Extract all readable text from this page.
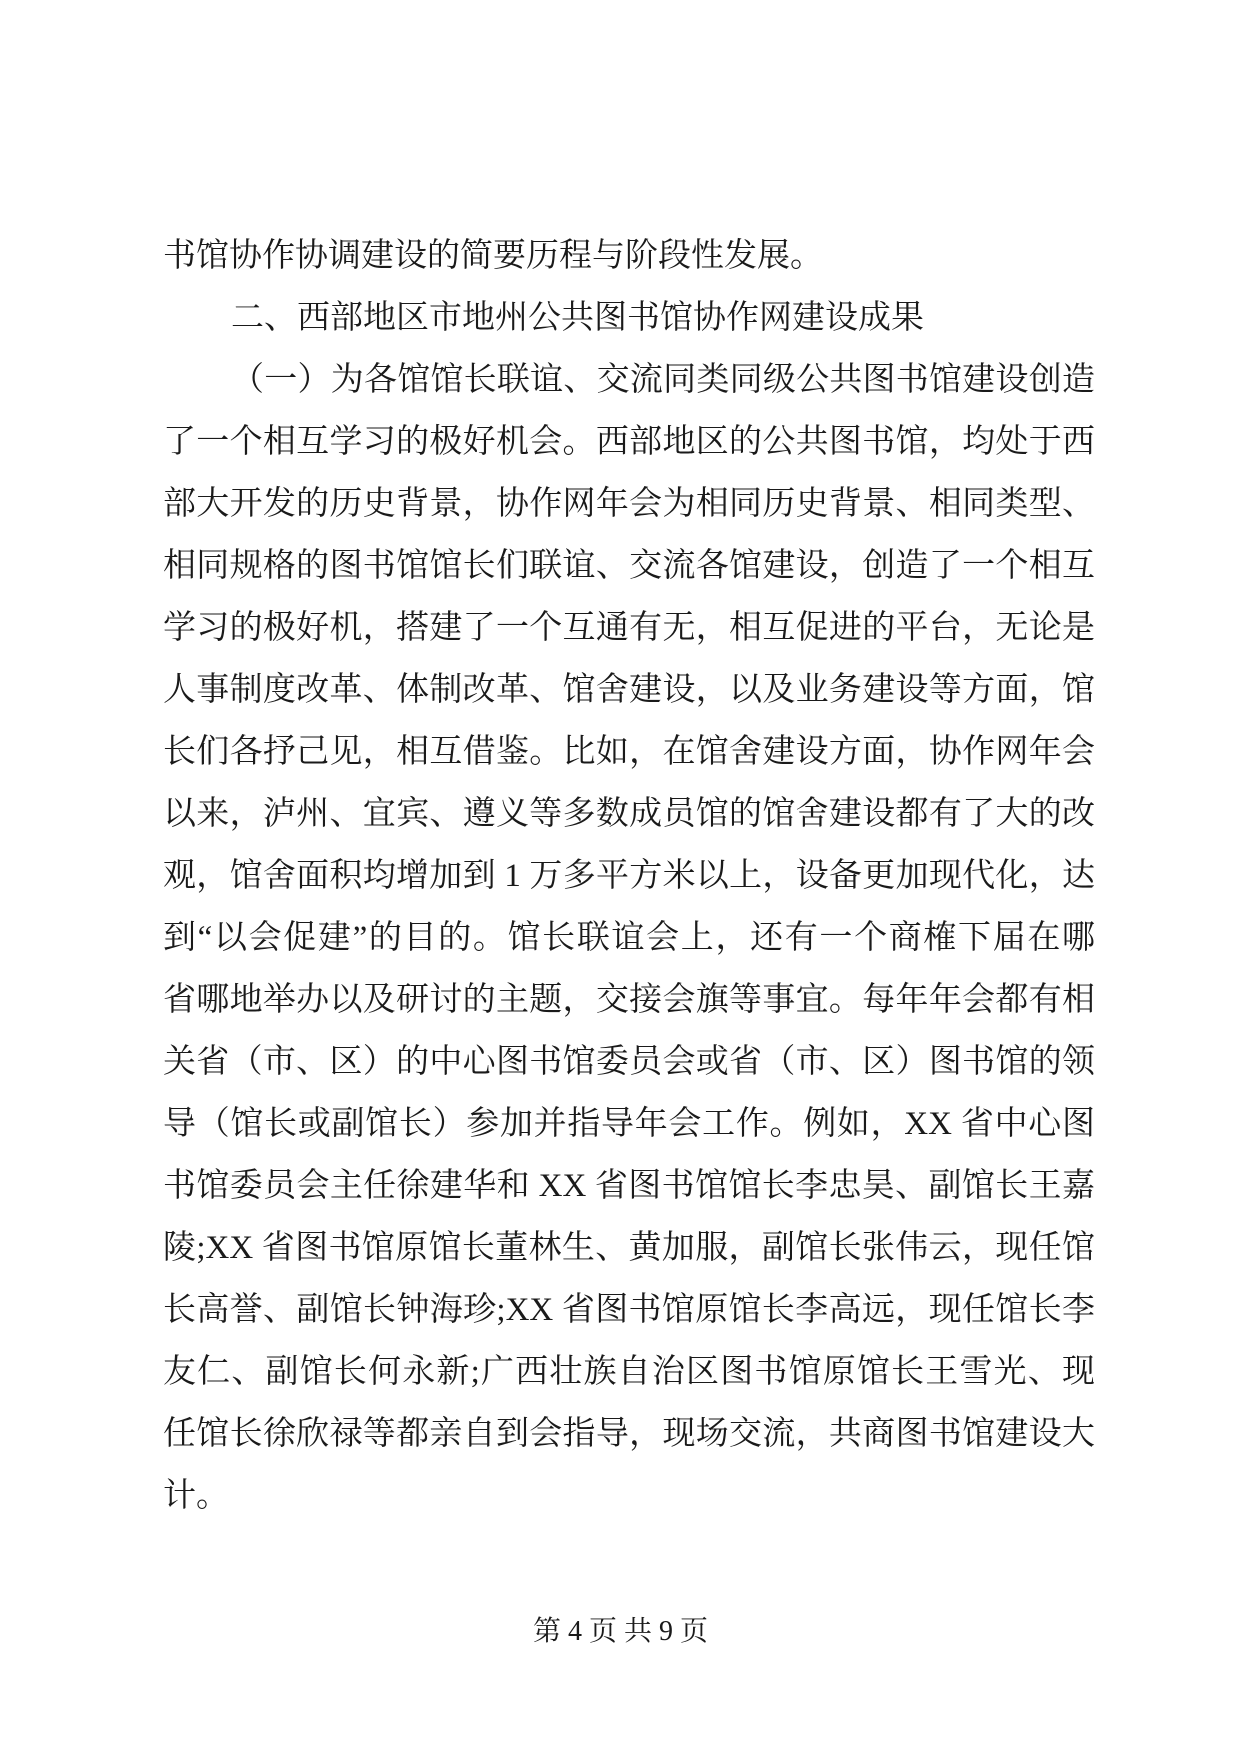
书馆协作协调建设的简要历程与阶段性发展。
二、西部地区市地州公共图书馆协作网建设成果
（一）为各馆馆长联谊、交流同类同级公共图书馆建设创造
了一个相互学习的极好机会。西部地区的公共图书馆，均处于西
部大开发的历史背景，协作网年会为相同历史背景、相同类型、
相同规格的图书馆馆长们联谊、交流各馆建设，创造了一个相互
学习的极好机，搭建了一个互通有无，相互促进的平台，无论是
人事制度改革、体制改革、馆舍建设，以及业务建设等方面，馆
长们各抒己见，相互借鉴。比如，在馆舍建设方面，协作网年会
以来，泸州、宜宾、遵义等多数成员馆的馆舍建设都有了大的改
观，馆舍面积均增加到 1 万多平方米以上，设备更加现代化，达
到“以会促建”的目的。馆长联谊会上，还有一个商榷下届在哪
省哪地举办以及研讨的主题，交接会旗等事宜。每年年会都有相
关省（市、区）的中心图书馆委员会或省（市、区）图书馆的领
导（馆长或副馆长）参加并指导年会工作。例如，XX 省中心图
书馆委员会主任徐建华和 XX 省图书馆馆长李忠昊、副馆长王嘉
陵;XX 省图书馆原馆长董林生、黄加服，副馆长张伟云，现任馆
长高誉、副馆长钟海珍;XX 省图书馆原馆长李高远，现任馆长李
友仁、副馆长何永新;广西壮族自治区图书馆原馆长王雪光、现
任馆长徐欣禄等都亲自到会指导，现场交流，共商图书馆建设大
计。
第 4 页 共 9 页
